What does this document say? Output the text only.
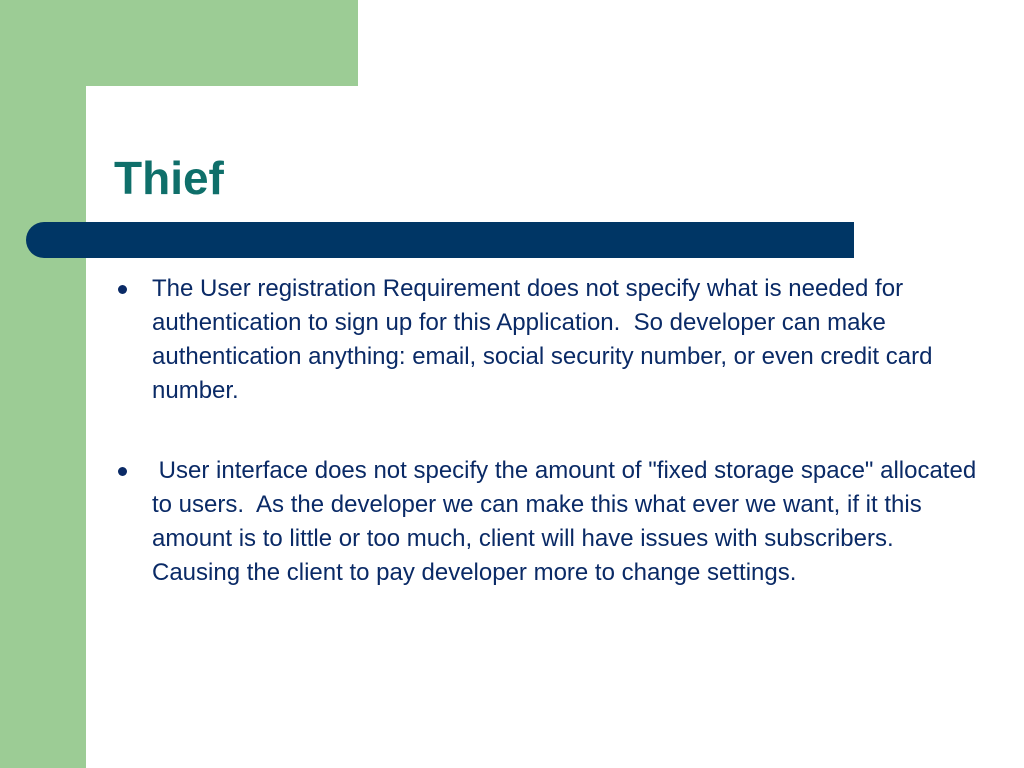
Thief
The User registration Requirement does not specify what is needed for authentication to sign up for this Application.  So developer can make  authentication anything: email, social security number, or even credit card number.
User interface does not specify the amount of "fixed storage space" allocated to users.  As the developer we can make this what ever we want, if it this amount is to little or too much, client will have issues with subscribers.  Causing the client to pay developer more to change settings.
